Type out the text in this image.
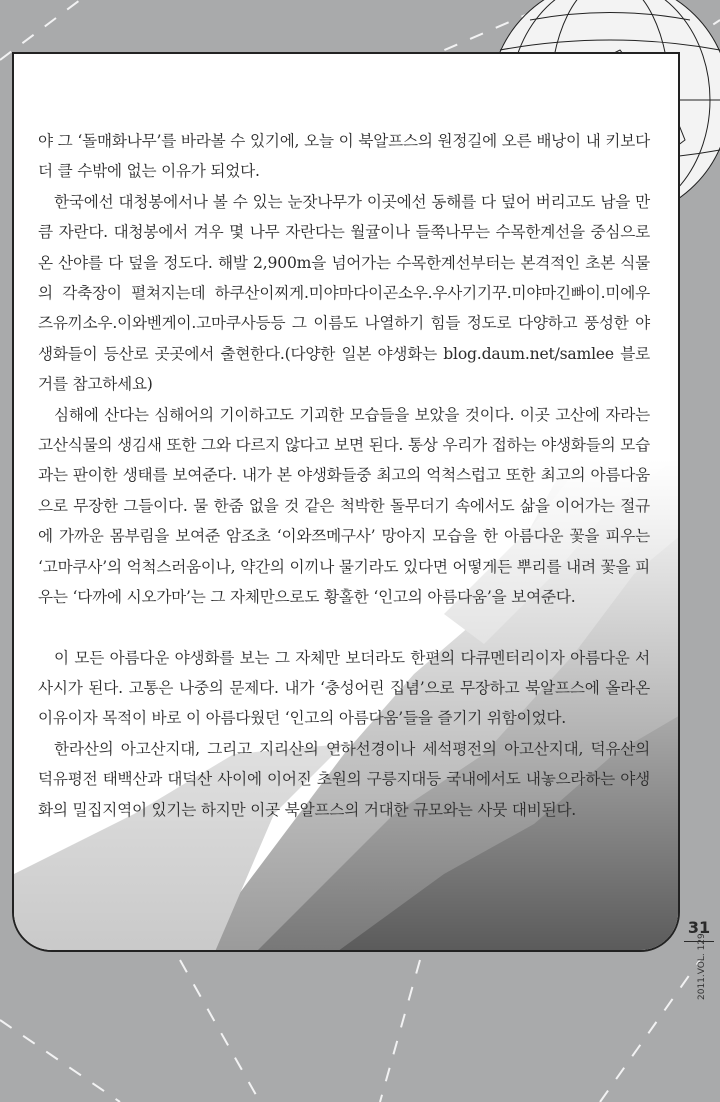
야 그 ‘돌매화나무’를 바라볼 수 있기에, 오늘 이 북알프스의 원정길에 오른 배낭이 내 키보다 더 클 수밖에 없는 이유가 되었다.

한국에선 대청봉에서나 볼 수 있는 눈잣나무가 이곳에선 동해를 다 덮어 버리고도 남을 만큼 자란다. 대청봉에서 겨우 몇 나무 자란다는 월귤이나 들쭉나무는 수목한계선을 중심으로 온 산야를 다 덮을 정도다. 해발 2,900m을 넘어가는 수목한계선부터는 본격적인 초본 식물의 각축장이 펼쳐지는데 하쿠산이찌게.미야마다이곤소우.우사기기꾸.미야마긴빠이.미에우즈유끼소우.이와벤게이.고마쿠사등등 그 이름도 나열하기 힘들 정도로 다양하고 풍성한 야생화들이 등산로 곳곳에서 출현한다.(다양한 일본 야생화는 blog.daum.net/samlee 블로거를 참고하세요)

심해에 산다는 심해어의 기이하고도 기괴한 모습들을 보았을 것이다. 이곳 고산에 자라는 고산식물의 생김새 또한 그와 다르지 않다고 보면 된다. 통상 우리가 접하는 야생화들의 모습과는 판이한 생태를 보여준다. 내가 본 야생화들중 최고의 억척스럽고 또한 최고의 아름다움으로 무장한 그들이다. 물 한줌 없을 것 같은 척박한 돌무더기 속에서도 삶을 이어가는 절규에 가까운 몸부림을 보여준 암조초 ‘이와쯔메구사’ 망아지 모습을 한 아름다운 꽃을 피우는 ‘고마쿠사’의 억척스러움이나, 약간의 이끼나 물기라도 있다면 어떻게든 뿌리를 내려 꽃을 피우는 ‘다까에 시오가마’는 그 자체만으로도 황홀한 ‘인고의 아름다움’을 보여준다.

이 모든 아름다운 야생화를 보는 그 자체만 보더라도 한편의 다큐멘터리이자 아름다운 서사시가 된다. 고통은 나중의 문제다. 내가 ‘충성어린 집념’으로 무장하고 북알프스에 올라온 이유이자 목적이 바로 이 아름다웠던 ‘인고의 아름다움’들을 즐기기 위함이었다.

한라산의 아고산지대, 그리고 지리산의 연하선경이나 세석평전의 아고산지대, 덕유산의 덕유평전 태백산과 대덕산 사이에 이어진 초원의 구릉지대등 국내에서도 내놓으라하는 야생화의 밀집지역이 있기는 하지만 이곳 북알프스의 거대한 규모와는 사뭇 대비된다.

31
2011.VOL. 129
